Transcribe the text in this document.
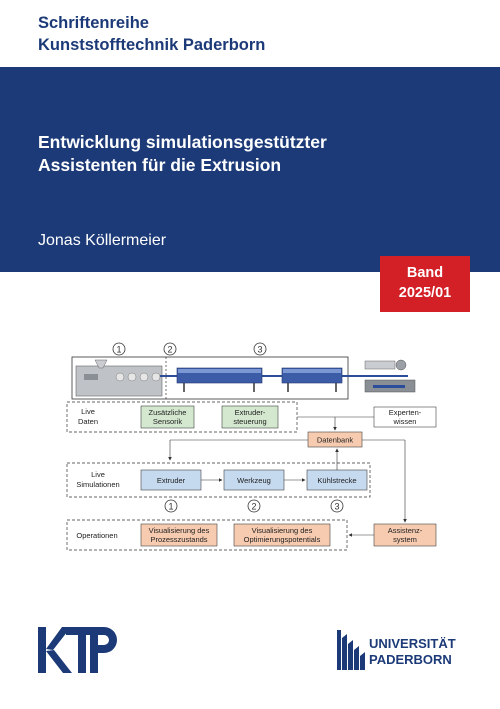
Schriftenreihe
Kunststofftechnik Paderborn
Entwicklung simulationsgestützter
Assistenten für die Extrusion
Jonas Köllermeier
Band
2025/01
1	2	3
Live
Daten
Zusätzliche
Sensorik
Extruder-
steuerung
Experten-
wissen
Datenbank
Live
Simulationen	Extruder	Werkzeug	Kühlstrecke
1	2	3
Operationen
Visualisierung des
Prozesszustands
Visualisierung des
Optimierungspotentials
Assistenz-
system
UNIVERSITÄT
PADERBORN
